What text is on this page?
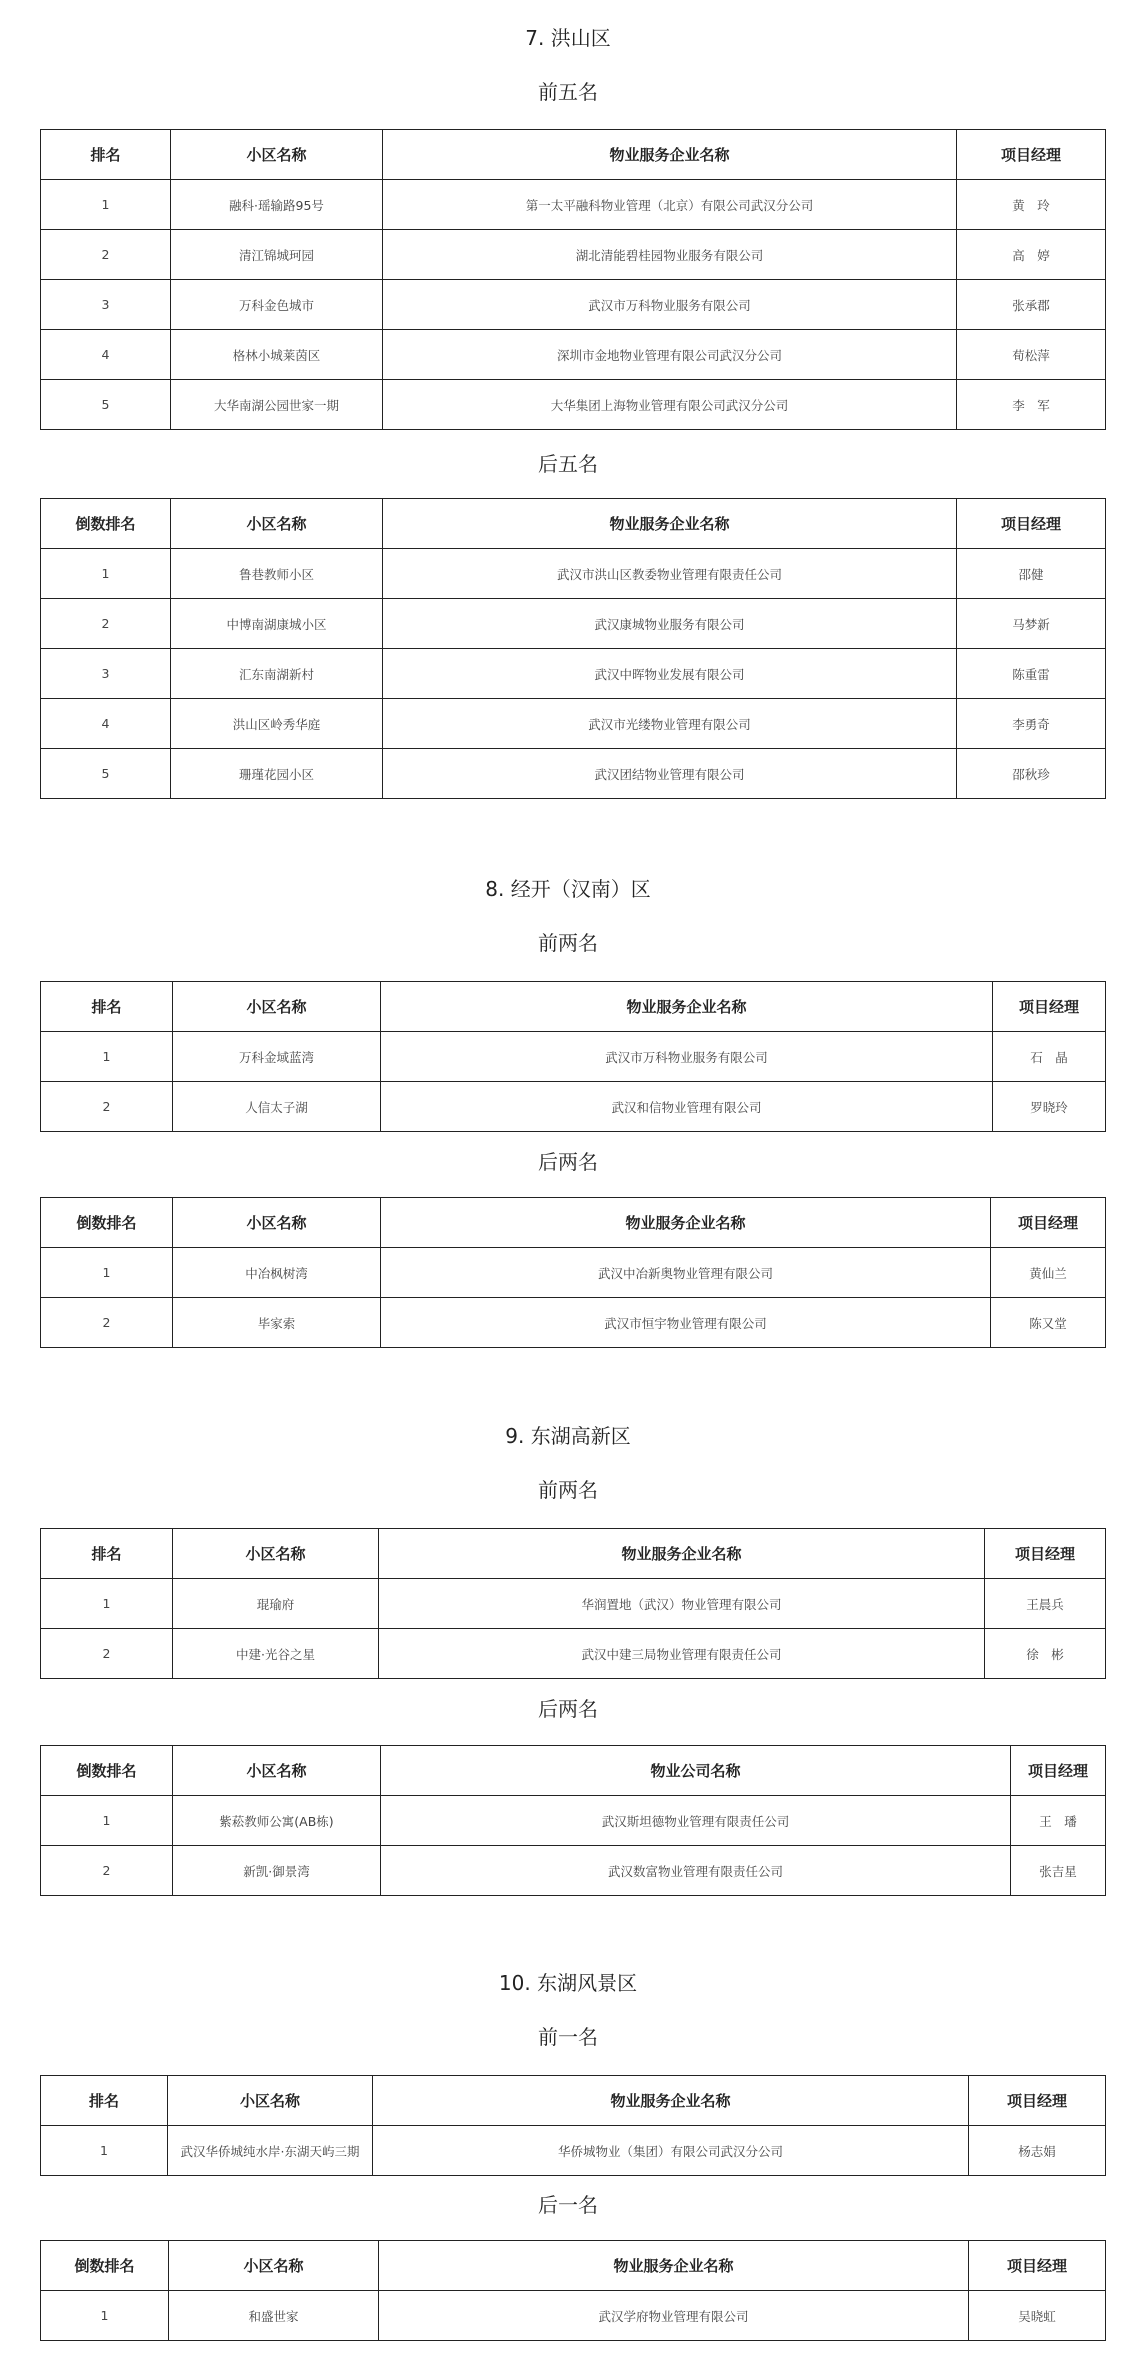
7. 洪山区
前五名
排名	小区名称	物业服务企业名称	项目经理
1	融科·瑶输路95号	第一太平融科物业管理（北京）有限公司武汉分公司	黄　玲
2	清江锦城珂园	湖北清能碧桂园物业服务有限公司	高　婷
3	万科金色城市	武汉市万科物业服务有限公司	张承郡
4	格林小城莱茵区	深圳市金地物业管理有限公司武汉分公司	荀松萍
5	大华南湖公园世家一期	大华集团上海物业管理有限公司武汉分公司	李　军
后五名
倒数排名	小区名称	物业服务企业名称	项目经理
1	鲁巷教师小区	武汉市洪山区教委物业管理有限责任公司	邵健
2	中博南湖康城小区	武汉康城物业服务有限公司	马梦新
3	汇东南湖新村	武汉中晖物业发展有限公司	陈重雷
4	洪山区岭秀华庭	武汉市光缕物业管理有限公司	李勇奇
5	珊瑾花园小区	武汉团结物业管理有限公司	邵秋珍
8. 经开（汉南）区
前两名
排名	小区名称	物业服务企业名称	项目经理
1	万科金域蓝湾	武汉市万科物业服务有限公司	石　晶
2	人信太子湖	武汉和信物业管理有限公司	罗晓玲
后两名
倒数排名	小区名称	物业服务企业名称	项目经理
1	中冶枫树湾	武汉中冶新奥物业管理有限公司	黄仙兰
2	毕家索	武汉市恒宇物业管理有限公司	陈又堂
9. 东湖高新区
前两名
排名	小区名称	物业服务企业名称	项目经理
1	琨瑜府	华润置地（武汉）物业管理有限公司	王晨兵
2	中建·光谷之星	武汉中建三局物业管理有限责任公司	徐　彬
后两名
倒数排名	小区名称	物业公司名称	项目经理
1	紫菘教师公寓(AB栋)	武汉斯坦德物业管理有限责任公司	王　璠
2	新凯·御景湾	武汉数富物业管理有限责任公司	张吉星
10. 东湖风景区
前一名
排名	小区名称	物业服务企业名称	项目经理
1	武汉华侨城纯水岸·东湖天屿三期	华侨城物业（集团）有限公司武汉分公司	杨志娟
后一名
倒数排名	小区名称	物业服务企业名称	项目经理
1	和盛世家	武汉学府物业管理有限公司	吴晓虹
